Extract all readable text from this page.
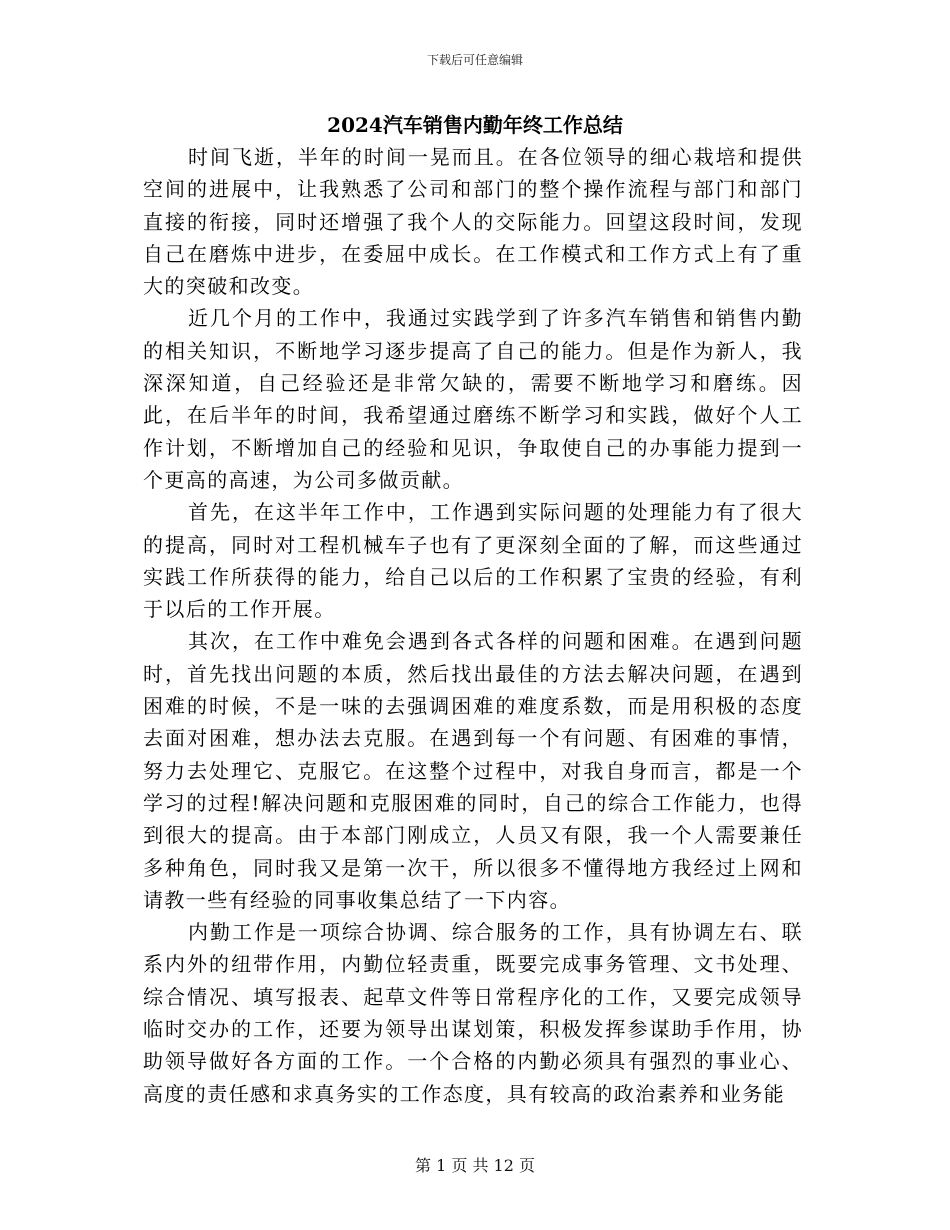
下载后可任意编辑
2024汽车销售内勤年终工作总结

时间飞逝，半年的时间一晃而且。在各位领导的细心栽培和提供空间的进展中，让我熟悉了公司和部门的整个操作流程与部门和部门直接的衔接，同时还增强了我个人的交际能力。回望这段时间，发现自己在磨炼中进步，在委屈中成长。在工作模式和工作方式上有了重大的突破和改变。

近几个月的工作中，我通过实践学到了许多汽车销售和销售内勤的相关知识，不断地学习逐步提高了自己的能力。但是作为新人，我深深知道，自己经验还是非常欠缺的，需要不断地学习和磨练。因此，在后半年的时间，我希望通过磨练不断学习和实践，做好个人工作计划，不断增加自己的经验和见识，争取使自己的办事能力提到一个更高的高速，为公司多做贡献。

首先，在这半年工作中，工作遇到实际问题的处理能力有了很大的提高，同时对工程机械车子也有了更深刻全面的了解，而这些通过实践工作所获得的能力，给自己以后的工作积累了宝贵的经验，有利于以后的工作开展。

其次，在工作中难免会遇到各式各样的问题和困难。在遇到问题时，首先找出问题的本质，然后找出最佳的方法去解决问题，在遇到困难的时候，不是一味的去强调困难的难度系数，而是用积极的态度去面对困难，想办法去克服。在遇到每一个有问题、有困难的事情，努力去处理它、克服它。在这整个过程中，对我自身而言，都是一个学习的过程!解决问题和克服困难的同时，自己的综合工作能力，也得到很大的提高。由于本部门刚成立，人员又有限，我一个人需要兼任多种角色，同时我又是第一次干，所以很多不懂得地方我经过上网和请教一些有经验的同事收集总结了一下内容。

内勤工作是一项综合协调、综合服务的工作，具有协调左右、联系内外的纽带作用，内勤位轻责重，既要完成事务管理、文书处理、综合情况、填写报表、起草文件等日常程序化的工作，又要完成领导临时交办的工作，还要为领导出谋划策，积极发挥参谋助手作用，协助领导做好各方面的工作。一个合格的内勤必须具有强烈的事业心、高度的责任感和求真务实的工作态度，具有较高的政治素养和业务能

第 1 页 共 12 页
